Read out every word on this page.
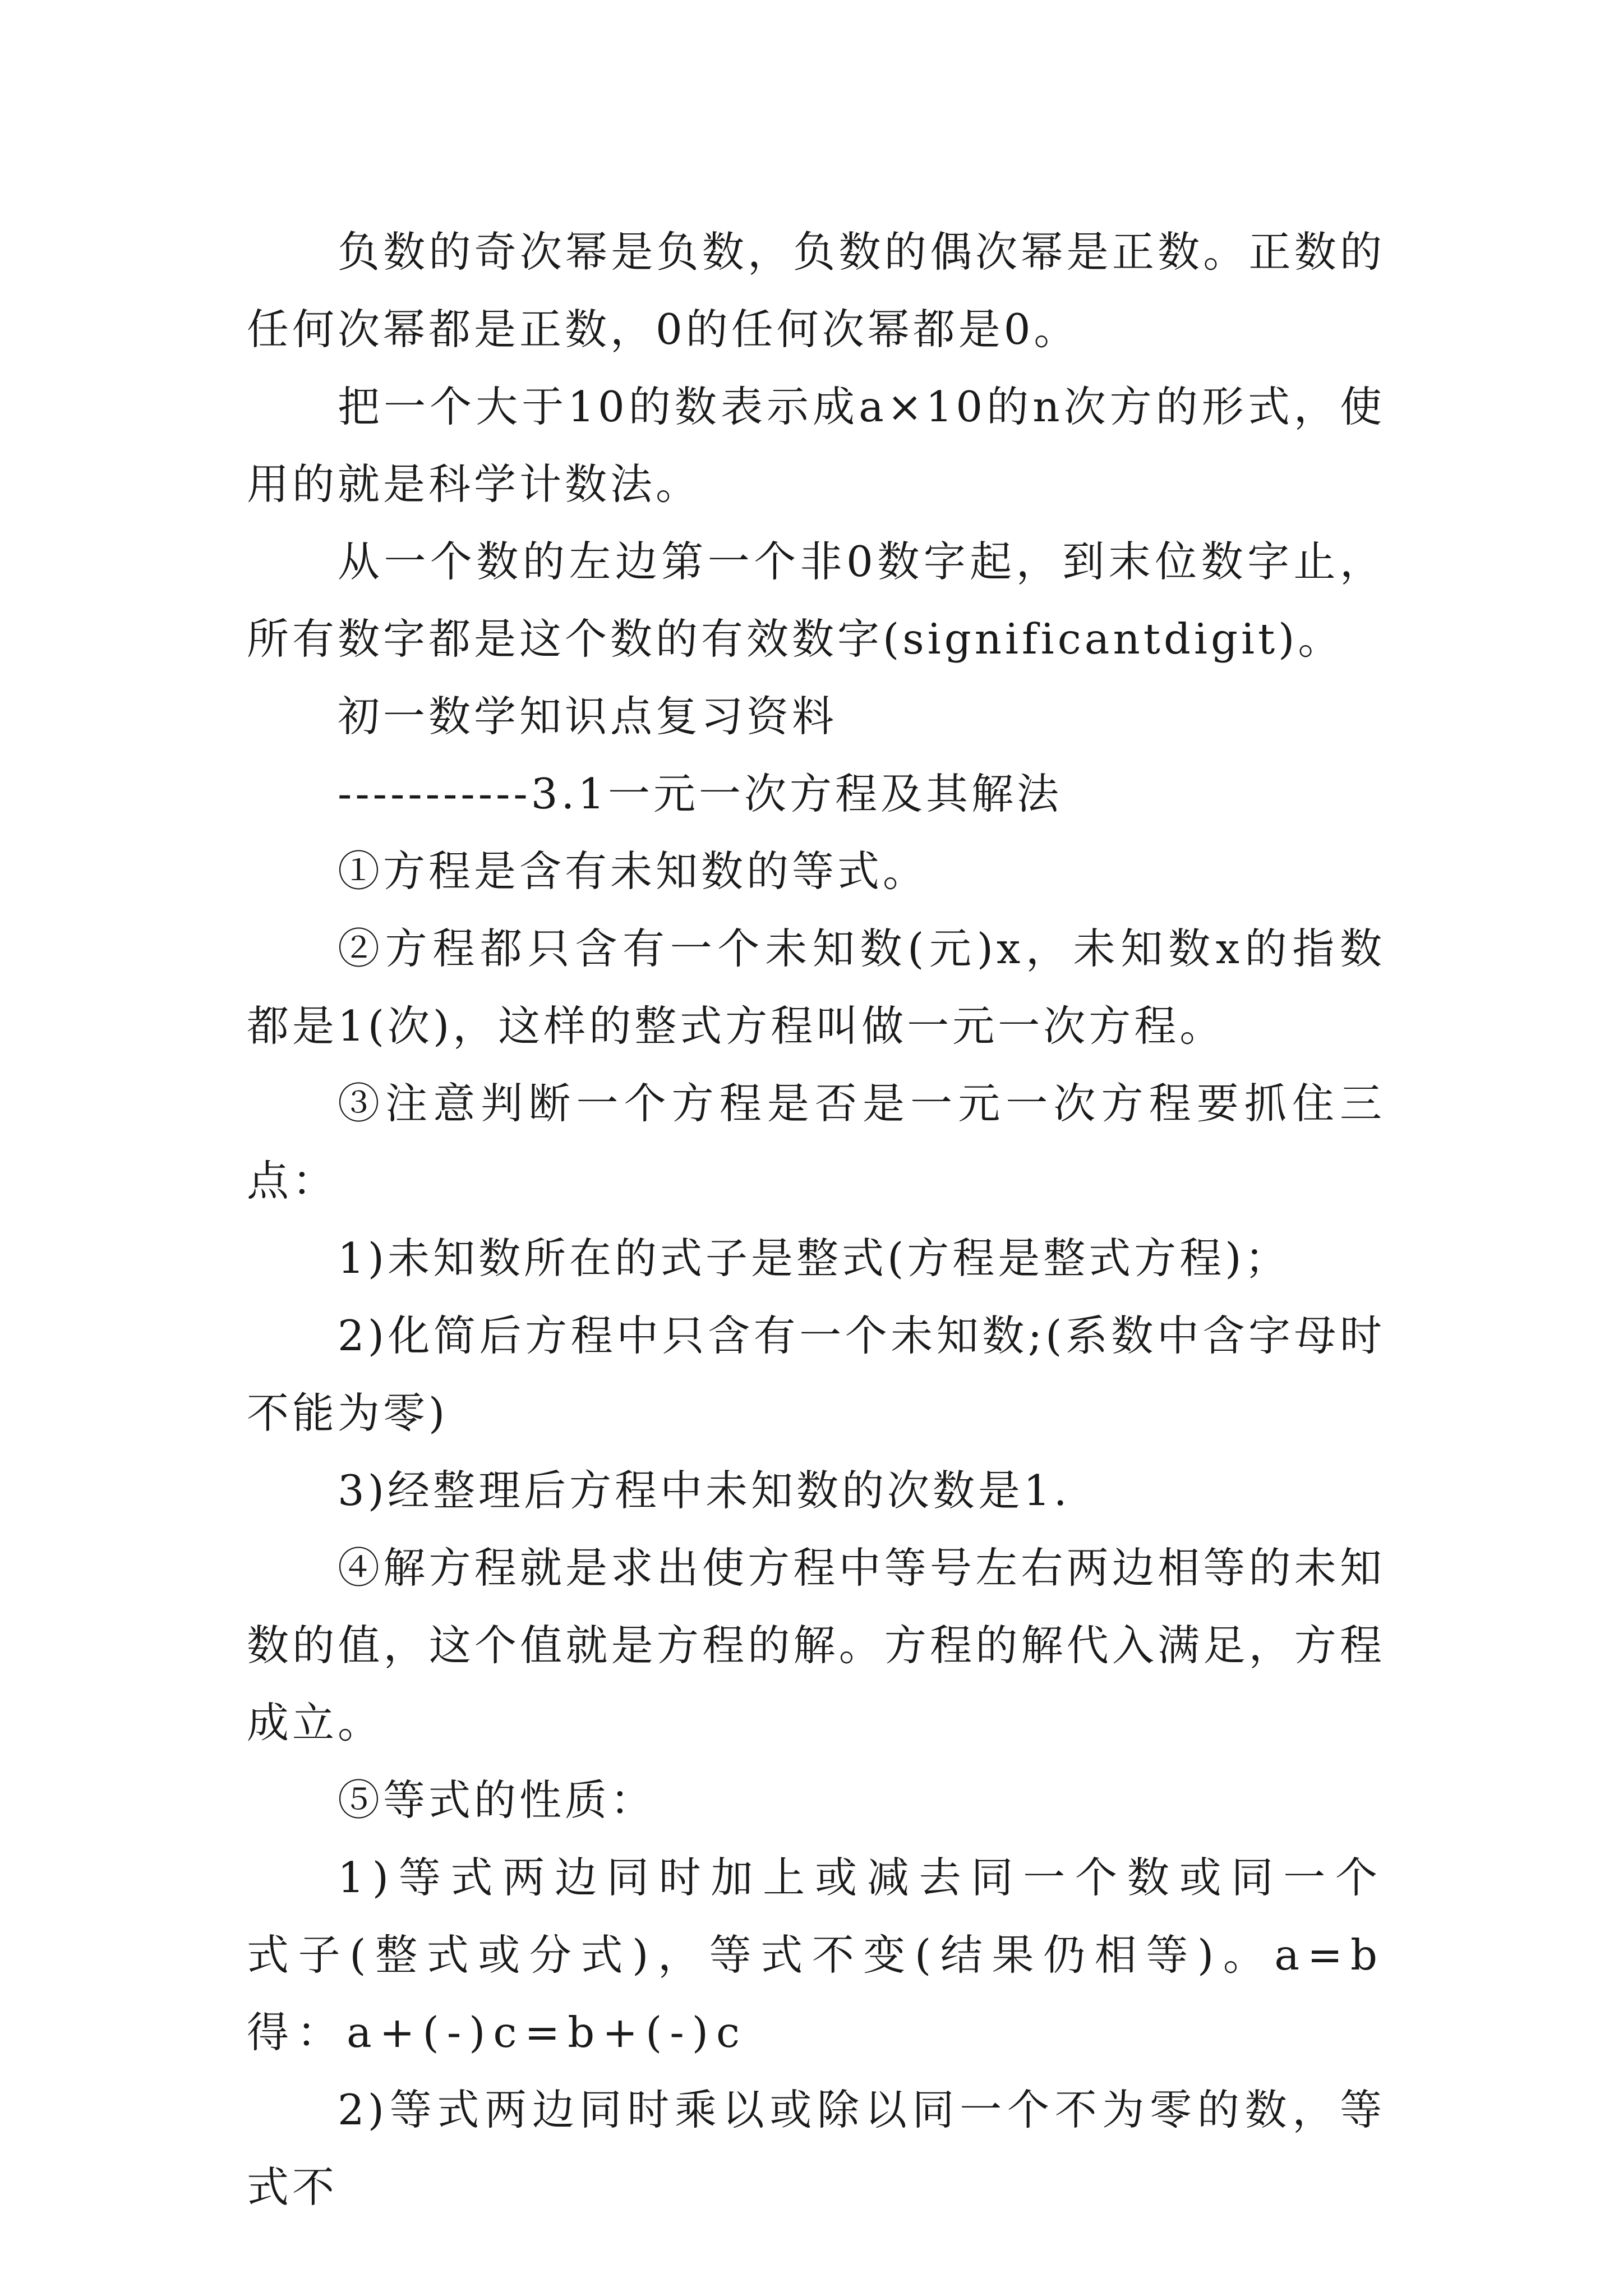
负数的奇次幂是负数，负数的偶次幂是正数。正数的任何次幂都是正数，0的任何次幂都是0。

把一个大于10的数表示成a×10的n次方的形式，使用的就是科学计数法。

从一个数的左边第一个非0数字起，到末位数字止，所有数字都是这个数的有效数字(significantdigit)。

初一数学知识点复习资料

-----------3.1一元一次方程及其解法

①方程是含有未知数的等式。

②方程都只含有一个未知数(元)x，未知数x的指数都是1(次)，这样的整式方程叫做一元一次方程。

③注意判断一个方程是否是一元一次方程要抓住三点：

1)未知数所在的式子是整式(方程是整式方程)；

2)化简后方程中只含有一个未知数;(系数中含字母时不能为零)

3)经整理后方程中未知数的次数是1.

④解方程就是求出使方程中等号左右两边相等的未知数的值，这个值就是方程的解。方程的解代入满足，方程成立。

⑤等式的性质：

1)等式两边同时加上或减去同一个数或同一个式子(整式或分式)，等式不变(结果仍相等)。a=b得：a+(-)c=b+(-)c

2)等式两边同时乘以或除以同一个不为零的数，等式不
